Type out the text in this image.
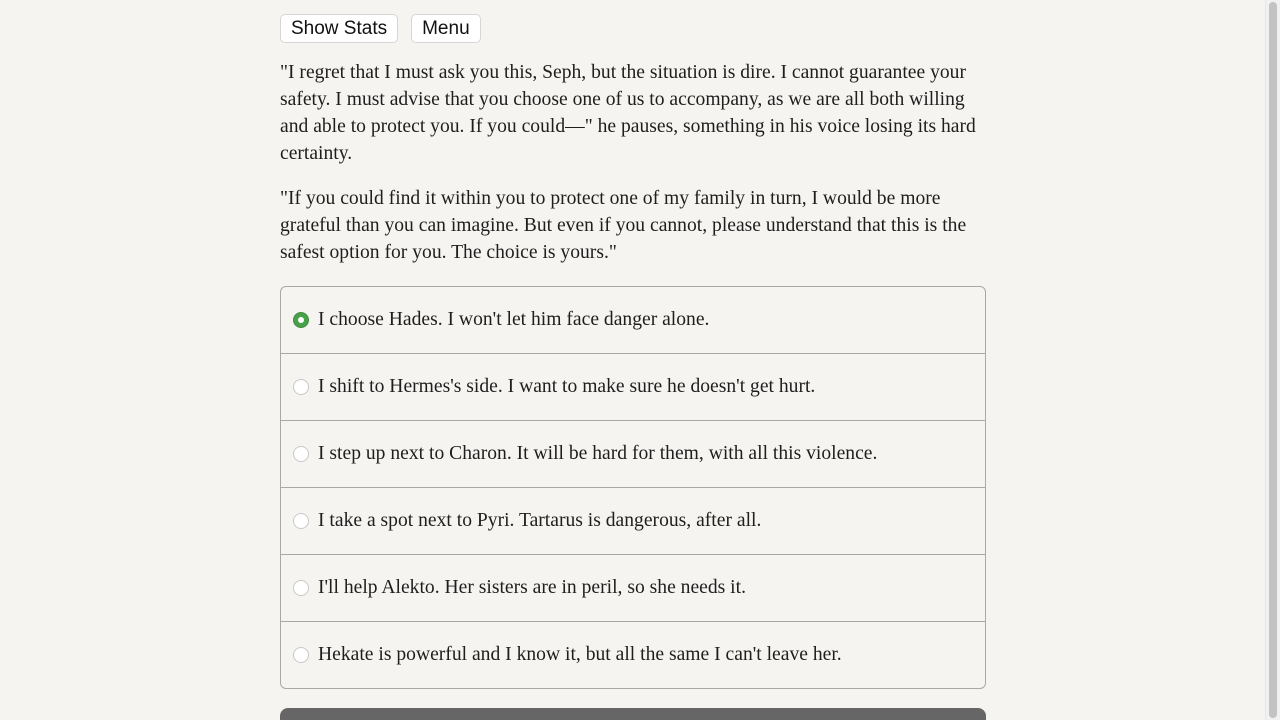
Show Stats	Menu

"I regret that I must ask you this, Seph, but the situation is dire. I cannot guarantee your safety. I must advise that you choose one of us to accompany, as we are all both willing and able to protect you. If you could—" he pauses, something in his voice losing its hard certainty.

"If you could find it within you to protect one of my family in turn, I would be more grateful than you can imagine. But even if you cannot, please understand that this is the safest option for you. The choice is yours."

I choose Hades. I won't let him face danger alone.
I shift to Hermes's side. I want to make sure he doesn't get hurt.
I step up next to Charon. It will be hard for them, with all this violence.
I take a spot next to Pyri. Tartarus is dangerous, after all.
I'll help Alekto. Her sisters are in peril, so she needs it.
Hekate is powerful and I know it, but all the same I can't leave her.
